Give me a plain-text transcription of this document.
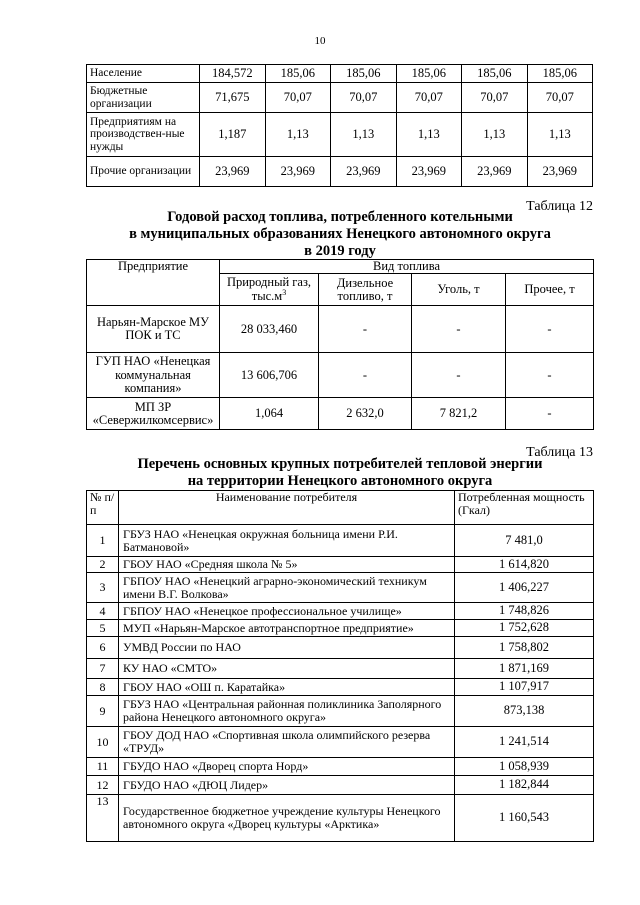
10
Население	184,572	185,06	185,06	185,06	185,06	185,06
Бюджетные организации	71,675	70,07	70,07	70,07	70,07	70,07
Предприятиям на производствен-ные нужды	1,187	1,13	1,13	1,13	1,13	1,13
Прочие организации	23,969	23,969	23,969	23,969	23,969	23,969
Таблица 12
Годовой расход топлива, потребленного котельными
в муниципальных образованиях Ненецкого автономного округа
в 2019 году
Предприятие	Вид топлива			
	Природный газ, $тыс.м^3$	Дизельное топливо, т	Уголь, т	Прочее, т
Нарьян-Марское МУ ПОК и ТС	28 033,460	-	-	-
ГУП НАО «Ненецкая коммунальная компания»	13 606,706	-	-	-
МП ЗР «Севержилкомсервис»	1,064	2 632,0	7 821,2	-
Таблица 13
Перечень основных крупных потребителей тепловой энергии
на территории Ненецкого автономного округа
№ п/п	Наименование потребителя	Потребленная мощность (Гкал)
1	ГБУЗ НАО «Ненецкая окружная больница имени Р.И. Батмановой»	7 481,0
2	ГБОУ НАО «Средняя школа № 5»	1 614,820
3	ГБПОУ НАО «Ненецкий аграрно-экономический техникум имени В.Г. Волкова»	1 406,227
4	ГБПОУ НАО «Ненецкое профессиональное училище»	1 748,826
5	МУП «Нарьян-Марское автотранспортное предприятие»	1 752,628
6	УМВД России по НАО	1 758,802
7	КУ НАО «СМТО»	1 871,169
8	ГБОУ НАО «ОШ п. Каратайка»	1 107,917
9	ГБУЗ НАО «Центральная районная поликлиника Заполярного района Ненецкого автономного округа»	873,138
10	ГБОУ ДОД НАО «Спортивная школа олимпийского резерва «ТРУД»	1 241,514
11	ГБУДО НАО «Дворец спорта Норд»	1 058,939
12	ГБУДО НАО «ДЮЦ Лидер»	1 182,844
13	Государственное бюджетное учреждение культуры Ненецкого автономного округа «Дворец культуры «Арктика»	1 160,543
